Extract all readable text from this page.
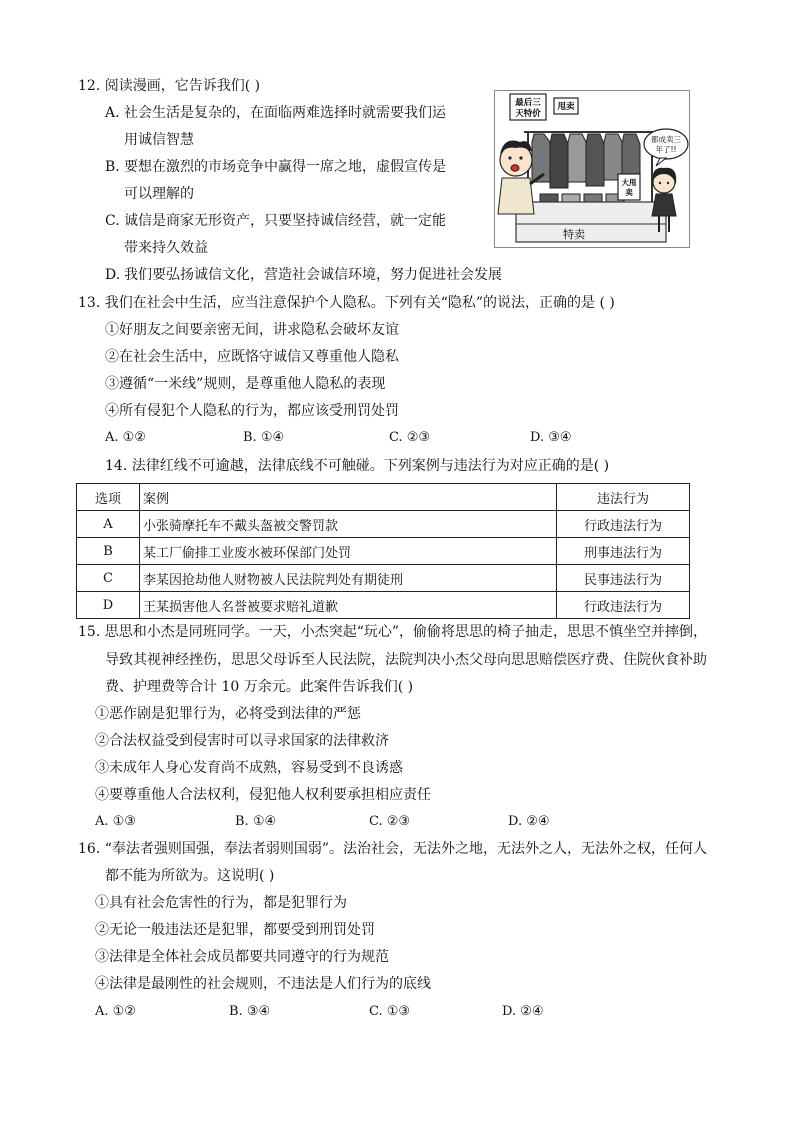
12. 阅读漫画，它告诉我们( )
A. 社会生活是复杂的，在面临两难选择时就需要我们运
用诚信智慧
B. 要想在激烈的市场竞争中赢得一席之地，虚假宣传是
可以理解的
C. 诚信是商家无形资产，只要坚持诚信经营，就一定能
带来持久效益
D. 我们要弘扬诚信文化，营造社会诚信环境，努力促进社会发展
最后三
天特价
甩卖
都成卖三
年了!!
大甩
卖
特卖
13. 我们在社会中生活，应当注意保护个人隐私。下列有关“隐私”的说法，正确的是 ( )
①好朋友之间要亲密无间，讲求隐私会破坏友谊
②在社会生活中，应既恪守诚信又尊重他人隐私
③遵循“一米线”规则，是尊重他人隐私的表现
④所有侵犯个人隐私的行为，都应该受刑罚处罚
A. ①②	B. ①④	C. ②③	D. ③④
14. 法律红线不可逾越，法律底线不可触碰。下列案例与违法行为对应正确的是( )
选项	案例	违法行为
A	小张骑摩托车不戴头盔被交警罚款	行政违法行为
B	某工厂偷排工业废水被环保部门处罚	刑事违法行为
C	李某因抢劫他人财物被人民法院判处有期徒刑	民事违法行为
D	王某损害他人名誉被要求赔礼道歉	行政违法行为
15. 思思和小杰是同班同学。一天，小杰突起“玩心”，偷偷将思思的椅子抽走，思思不慎坐空并摔倒，
导致其视神经挫伤，思思父母诉至人民法院，法院判决小杰父母向思思赔偿医疗费、住院伙食补助
费、护理费等合计 10 万余元。此案件告诉我们( )
①恶作剧是犯罪行为，必将受到法律的严惩
②合法权益受到侵害时可以寻求国家的法律救济
③未成年人身心发育尚不成熟，容易受到不良诱惑
④要尊重他人合法权利，侵犯他人权利要承担相应责任
A. ①③	B. ①④	C. ②③	D. ②④
16. “奉法者强则国强，奉法者弱则国弱”。法治社会，无法外之地，无法外之人，无法外之权，任何人
都不能为所欲为。这说明( )
①具有社会危害性的行为，都是犯罪行为
②无论一般违法还是犯罪，都要受到刑罚处罚
③法律是全体社会成员都要共同遵守的行为规范
④法律是最刚性的社会规则，不违法是人们行为的底线
A. ①②	B. ③④	C. ①③	D. ②④
